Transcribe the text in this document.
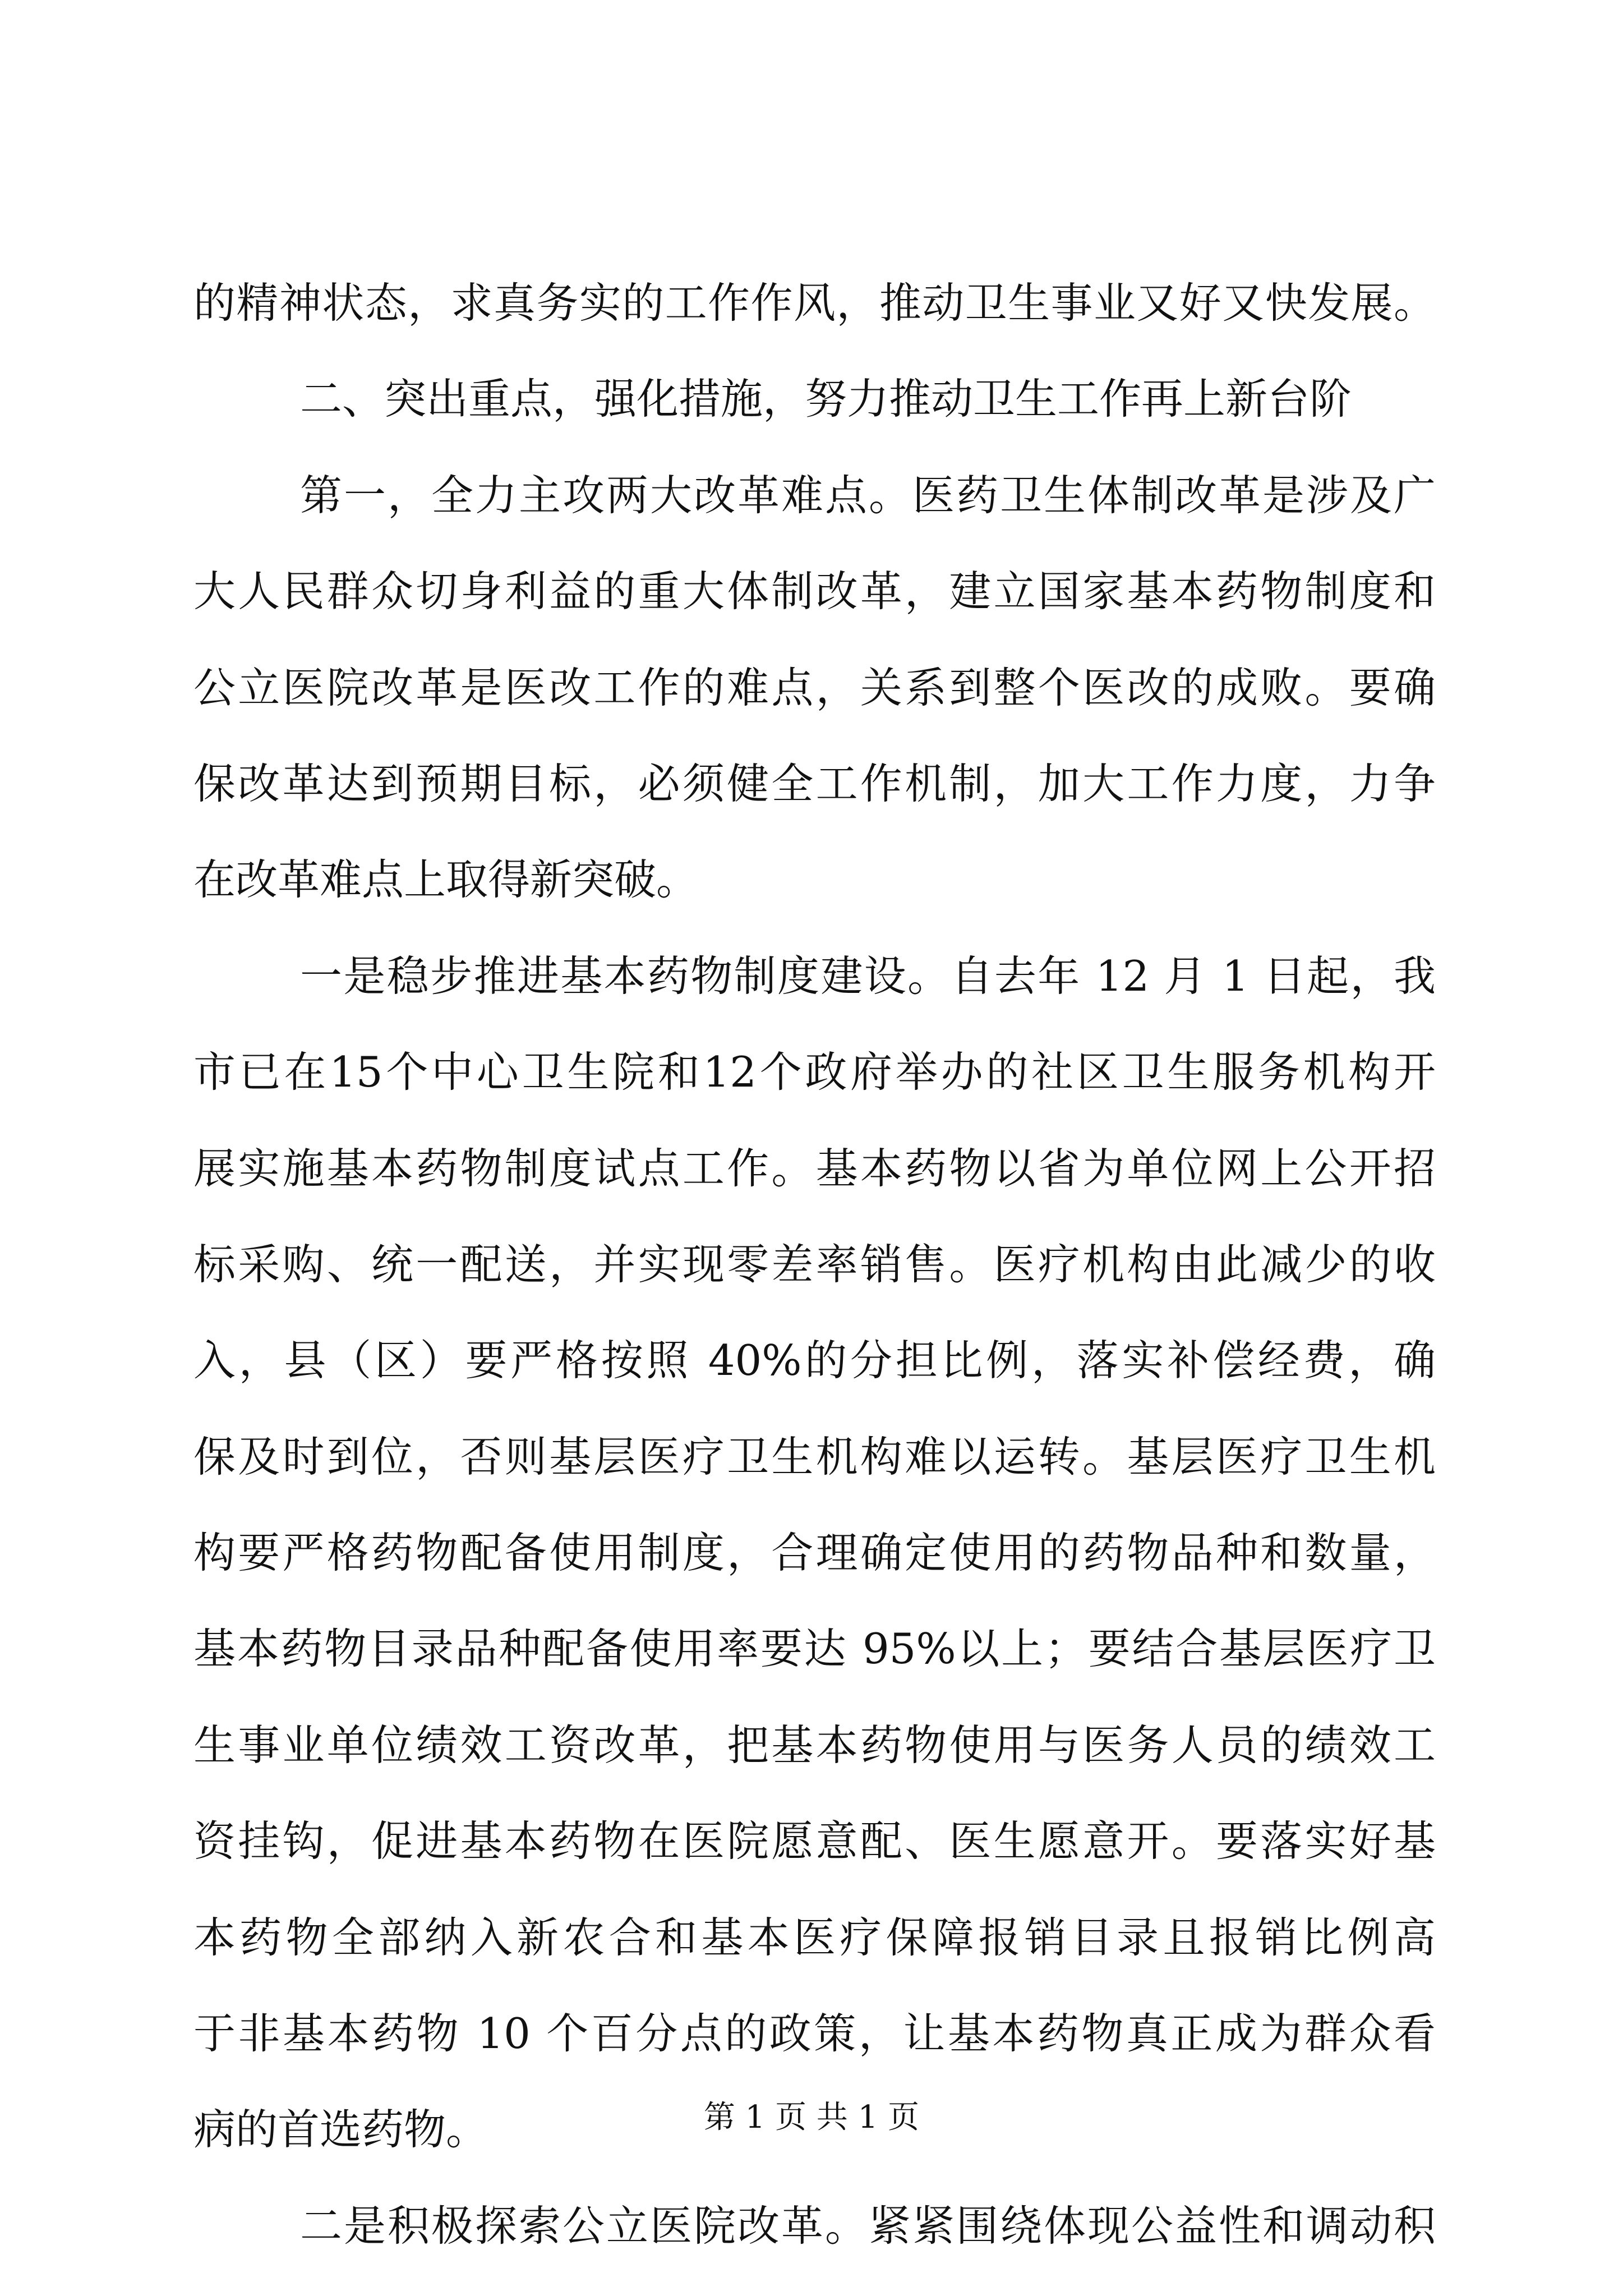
的精神状态，求真务实的工作作风，推动卫生事业又好又快发展。
二、突出重点，强化措施，努力推动卫生工作再上新台阶
第一，全力主攻两大改革难点。医药卫生体制改革是涉及广
大人民群众切身利益的重大体制改革，建立国家基本药物制度和
公立医院改革是医改工作的难点，关系到整个医改的成败。要确
保改革达到预期目标，必须健全工作机制，加大工作力度，力争
在改革难点上取得新突破。
一是稳步推进基本药物制度建设。自去年 12 月 1 日起，我
市已在15个中心卫生院和12个政府举办的社区卫生服务机构开
展实施基本药物制度试点工作。基本药物以省为单位网上公开招
标采购、统一配送，并实现零差率销售。医疗机构由此减少的收
入，县（区）要严格按照 40%的分担比例，落实补偿经费，确
保及时到位，否则基层医疗卫生机构难以运转。基层医疗卫生机
构要严格药物配备使用制度，合理确定使用的药物品种和数量，
基本药物目录品种配备使用率要达 95%以上；要结合基层医疗卫
生事业单位绩效工资改革，把基本药物使用与医务人员的绩效工
资挂钩，促进基本药物在医院愿意配、医生愿意开。要落实好基
本药物全部纳入新农合和基本医疗保障报销目录且报销比例高
于非基本药物 10 个百分点的政策，让基本药物真正成为群众看
病的首选药物。
二是积极探索公立医院改革。紧紧围绕体现公益性和调动积
第 1 页 共 1 页
